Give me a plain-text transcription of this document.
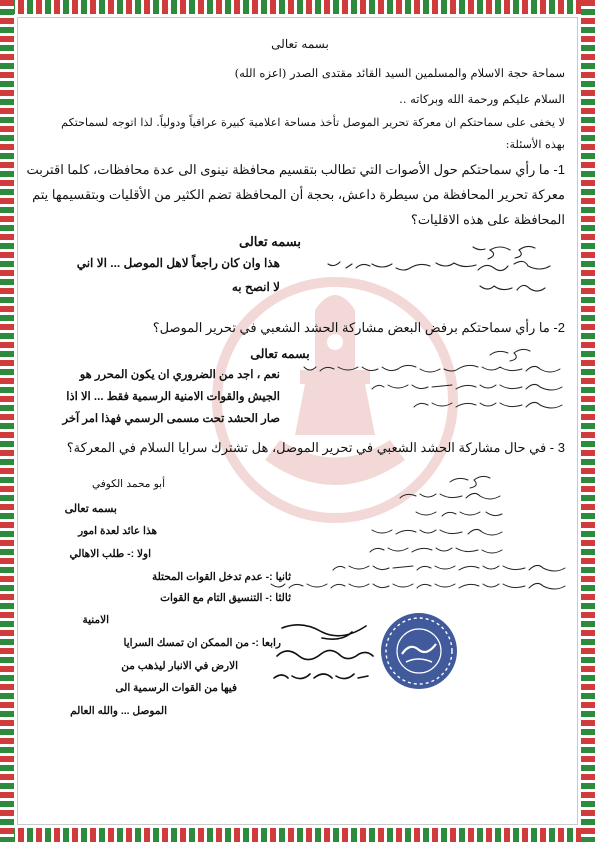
بسمه تعالى
سماحة حجة الاسلام والمسلمين السيد القائد مقتدى الصدر (اعزه الله)
السلام عليكم ورحمة الله وبركاته ..
لا يخفى على سماحتكم ان معركة تحرير الموصل تأخذ مساحة اعلامية كبيرة عراقياً ودولياً. لذا اتوجه لسماحتكم
بهذه الأسئلة:
1- ما رأي سماحتكم حول الأصوات التي تطالب بتقسيم محافظة نينوى الى عدة محافظات، كلما اقتربت
معركة تحرير المحافظة من سيطرة داعش، بحجة أن المحافظة تضم الكثير من الأقليات وبتقسيمها يتم
المحافظة على هذه الاقليات؟
بسمه تعالى
هذا وان كان راجعاً لاهل الموصل ... الا اني
لا انصح به
2- ما رأي سماحتكم برفض البعض مشاركة الحشد الشعبي في تحرير الموصل؟
بسمه تعالى
نعم ، اجد من الضروري ان يكون المحرر هو
الجيش والقوات الامنية الرسمية فقط ... الا اذا
صار الحشد تحت مسمى الرسمي فهذا امر آخر
3 - في حال مشاركة الحشد الشعبي في تحرير الموصل، هل تشترك سرايا السلام في المعركة؟
أبو محمد الكوفي
بسمه تعالى
هذا عائد لعدة امور
اولا :- طلب الاهالي
ثانيا :- عدم تدخل القوات المحتلة
ثالثا :- التنسيق التام مع القوات
الامنية
رابعا :- من الممكن ان تمسك السرايا
الارض في الانبار ليذهب من
فيها من القوات الرسمية الى
الموصل ... والله العالم
